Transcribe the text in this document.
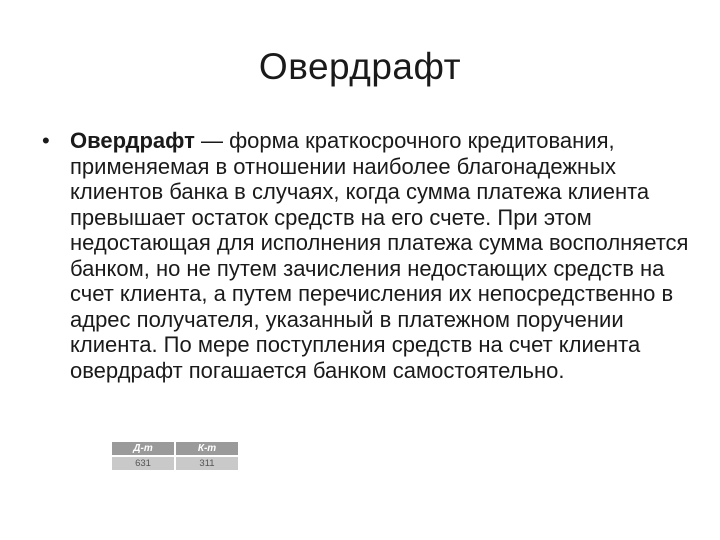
Овердрафт
• Овердрафт — форма краткосрочного кредитования, применяемая в отношении наиболее благонадежных клиентов банка в случаях, когда сумма платежа клиента превышает остаток средств на его счете. При этом недостающая для исполнения платежа сумма восполняется банком, но не путем зачисления недостающих средств на счет клиента, а путем перечисления их непосредственно в адрес получателя, указанный в платежном поручении клиента. По мере поступления средств на счет клиента овердрафт погашается банком самостоятельно.
Д-т	К-т
631	311
